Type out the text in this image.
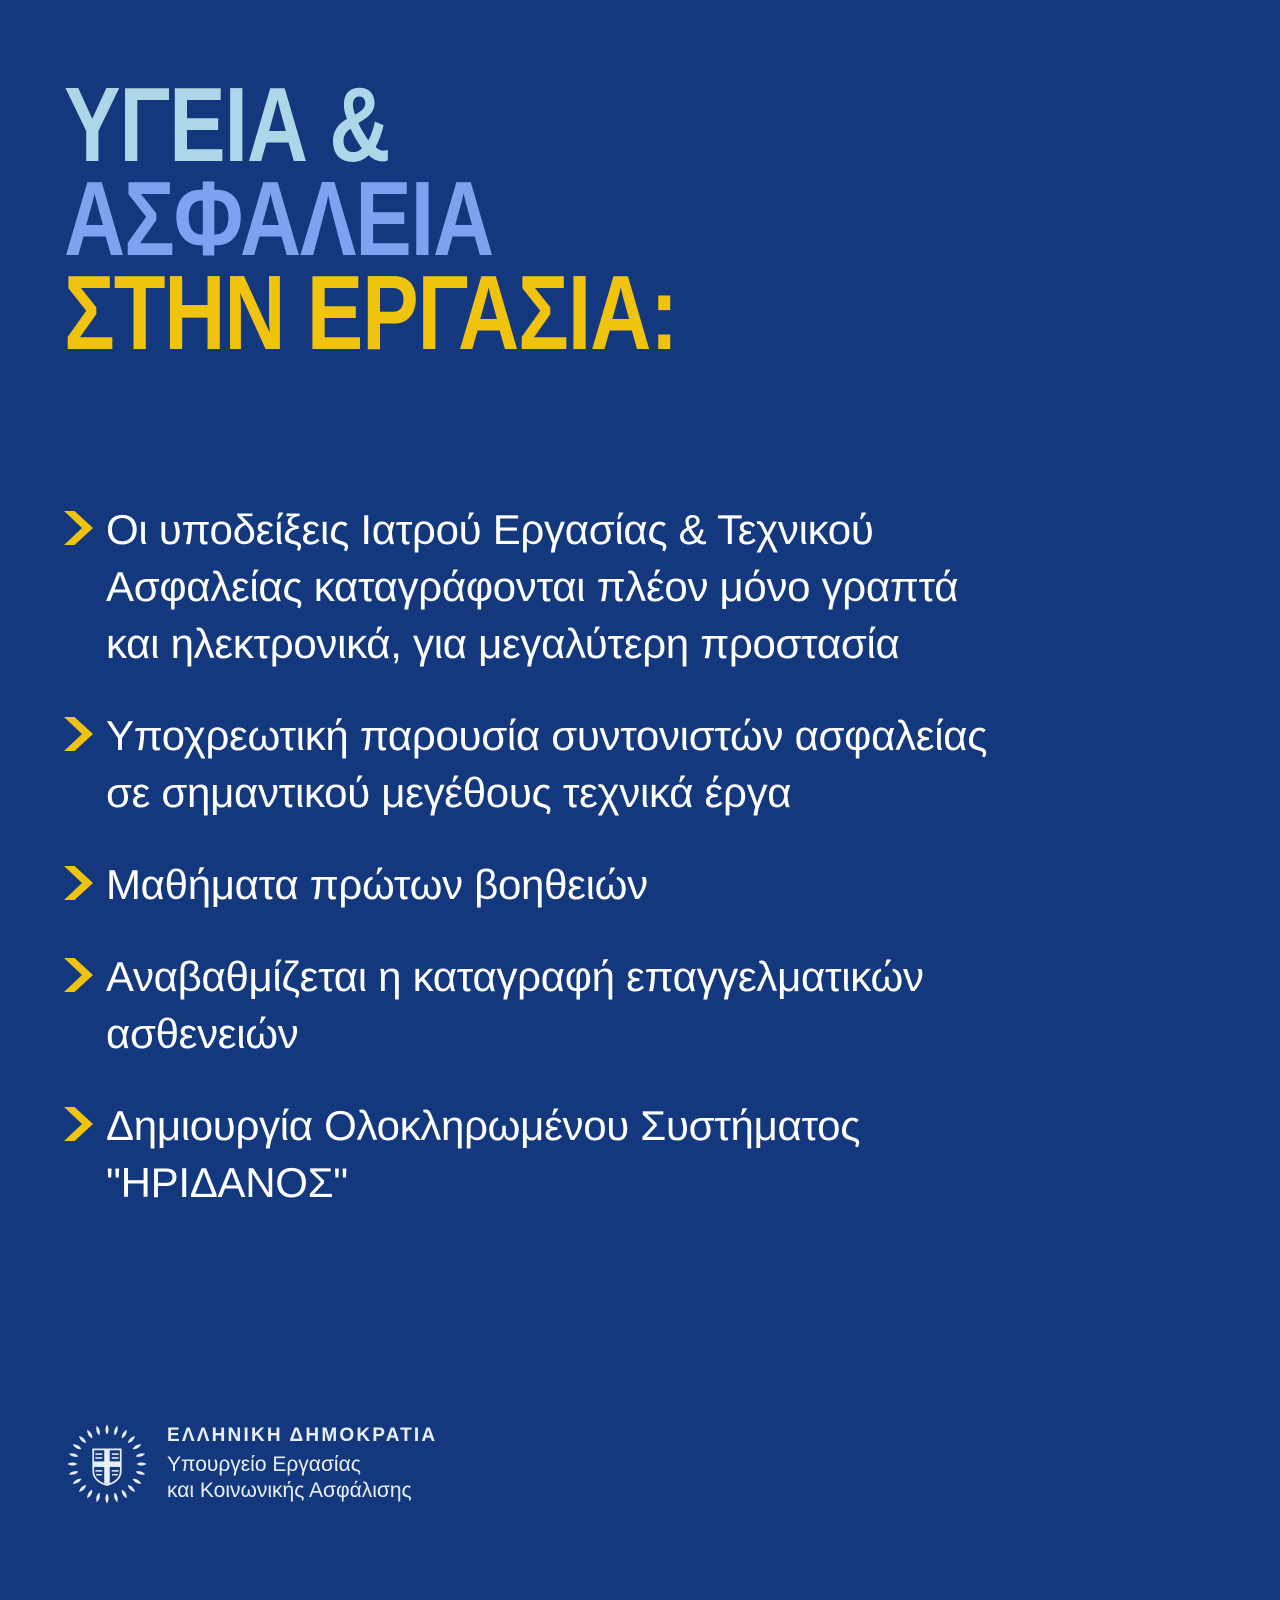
ΥΓΕΙΑ &
ΑΣΦΑΛΕΙΑ
ΣΤΗΝ ΕΡΓΑΣΙΑ:
Οι υποδείξεις Ιατρού Εργασίας & Τεχνικού
Ασφαλείας καταγράφονται πλέον μόνο γραπτά
και ηλεκτρονικά, για μεγαλύτερη προστασία
Υποχρεωτική παρουσία συντονιστών ασφαλείας
σε σημαντικού μεγέθους τεχνικά έργα
Μαθήματα πρώτων βοηθειών
Αναβαθμίζεται η καταγραφή επαγγελματικών
ασθενειών
Δημιουργία Ολοκληρωμένου Συστήματος
"ΗΡΙΔΑΝΟΣ"
ΕΛΛΗΝΙΚΗ ΔΗΜΟΚΡΑΤΙΑ
Υπουργείο Εργασίας
και Κοινωνικής Ασφάλισης
